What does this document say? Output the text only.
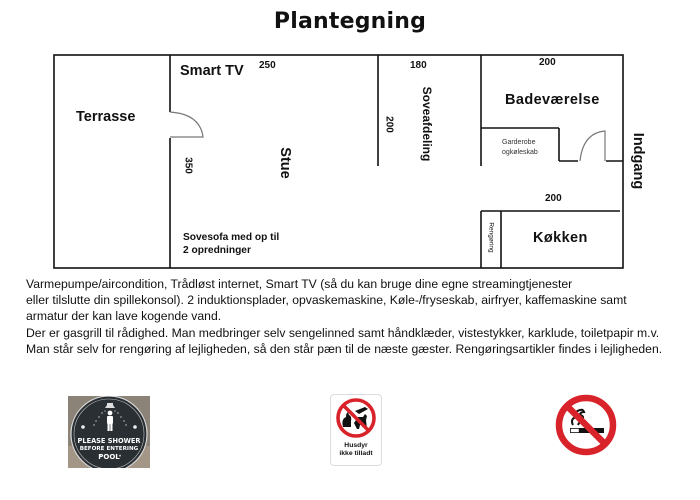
Plantegning
Terrasse
Smart TV 250
350	Stue
Sovesofa med op til
2 opredninger
180
200 Soveafdeling
200
Badeværelse
Garderobe
ogkøleskab	Indgang
200
Køkken
Rengøring

Varmepumpe/aircondition, Trådløst internet, Smart TV (så du kan bruge dine egne streamingtjenester

eller tilslutte din spillekonsol). 2 induktionsplader, opvaskemaskine, Køle-/fryseskab, airfryer, kaffemaskine samt

armatur der kan lave kogende vand.

Der er gasgrill til rådighed. Man medbringer selv sengelinned samt håndklæder, vistestykker, karklude, toiletpapir m.v.

Man står selv for rengøring af lejligheden, så den står pæn til de næste gæster. Rengøringsartikler findes i lejligheden.

PLEASE SHOWER
BEFORE ENTERING
POOL
Husdyr
ikke tilladt
